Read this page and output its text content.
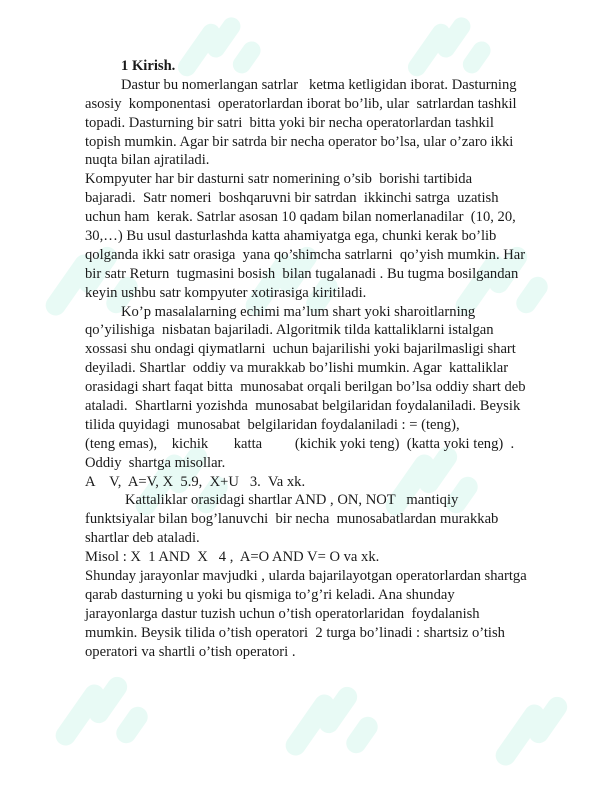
1 Kirish.
Dastur bu nomerlangan satrlar   ketma ketligidan iborat. Dasturning
asosiy  komponentasi  operatorlardan iborat bo’lib, ular  satrlardan tashkil
topadi. Dasturning bir satri  bitta yoki bir necha operatorlardan tashkil
topish mumkin. Agar bir satrda bir necha operator bo’lsa, ular o’zaro ikki
nuqta bilan ajratiladi.
Kompyuter har bir dasturni satr nomerining o’sib  borishi tartibida
bajaradi.  Satr nomeri  boshqaruvni bir satrdan  ikkinchi satrga  uzatish
uchun ham  kerak. Satrlar asosan 10 qadam bilan nomerlanadilar  (10, 20,
30,…) Bu usul dasturlashda katta ahamiyatga ega, chunki kerak bo’lib
qolganda ikki satr orasiga  yana qo’shimcha satrlarni  qo’yish mumkin. Har
bir satr Return  tugmasini bosish  bilan tugalanadi . Bu tugma bosilgandan
keyin ushbu satr kompyuter xotirasiga kiritiladi.
Ko’p masalalarning echimi ma’lum shart yoki sharoitlarning
qo’yilishiga  nisbatan bajariladi. Algoritmik tilda kattaliklarni istalgan
xossasi shu ondagi qiymatlarni  uchun bajarilishi yoki bajarilmasligi shart
deyiladi. Shartlar  oddiy va murakkab bo’lishi mumkin. Agar  kattaliklar
orasidagi shart faqat bitta  munosabat orqali berilgan bo’lsa oddiy shart deb
ataladi.  Shartlarni yozishda  munosabat belgilaridan foydalaniladi. Beysik
tilida quyidagi  munosabat  belgilaridan foydalaniladi : = (teng),
(teng emas),    kichik       katta         (kichik yoki teng)  (katta yoki teng)  .
Oddiy  shartga misollar.
A    V,  A=V, X  5.9,  X+U   3.  Va xk.
Kattaliklar orasidagi shartlar AND , ON, NOT   mantiqiy
funktsiyalar bilan bog’lanuvchi  bir necha  munosabatlardan murakkab
shartlar deb ataladi.
Misol : X  1 AND  X   4 ,  A=O AND V= O va xk.
Shunday jarayonlar mavjudki , ularda bajarilayotgan operatorlardan shartga
qarab dasturning u yoki bu qismiga to’g’ri keladi. Ana shunday
jarayonlarga dastur tuzish uchun o’tish operatorlaridan  foydalanish
mumkin. Beysik tilida o’tish operatori  2 turga bo’linadi : shartsiz o’tish
operatori va shartli o’tish operatori .
